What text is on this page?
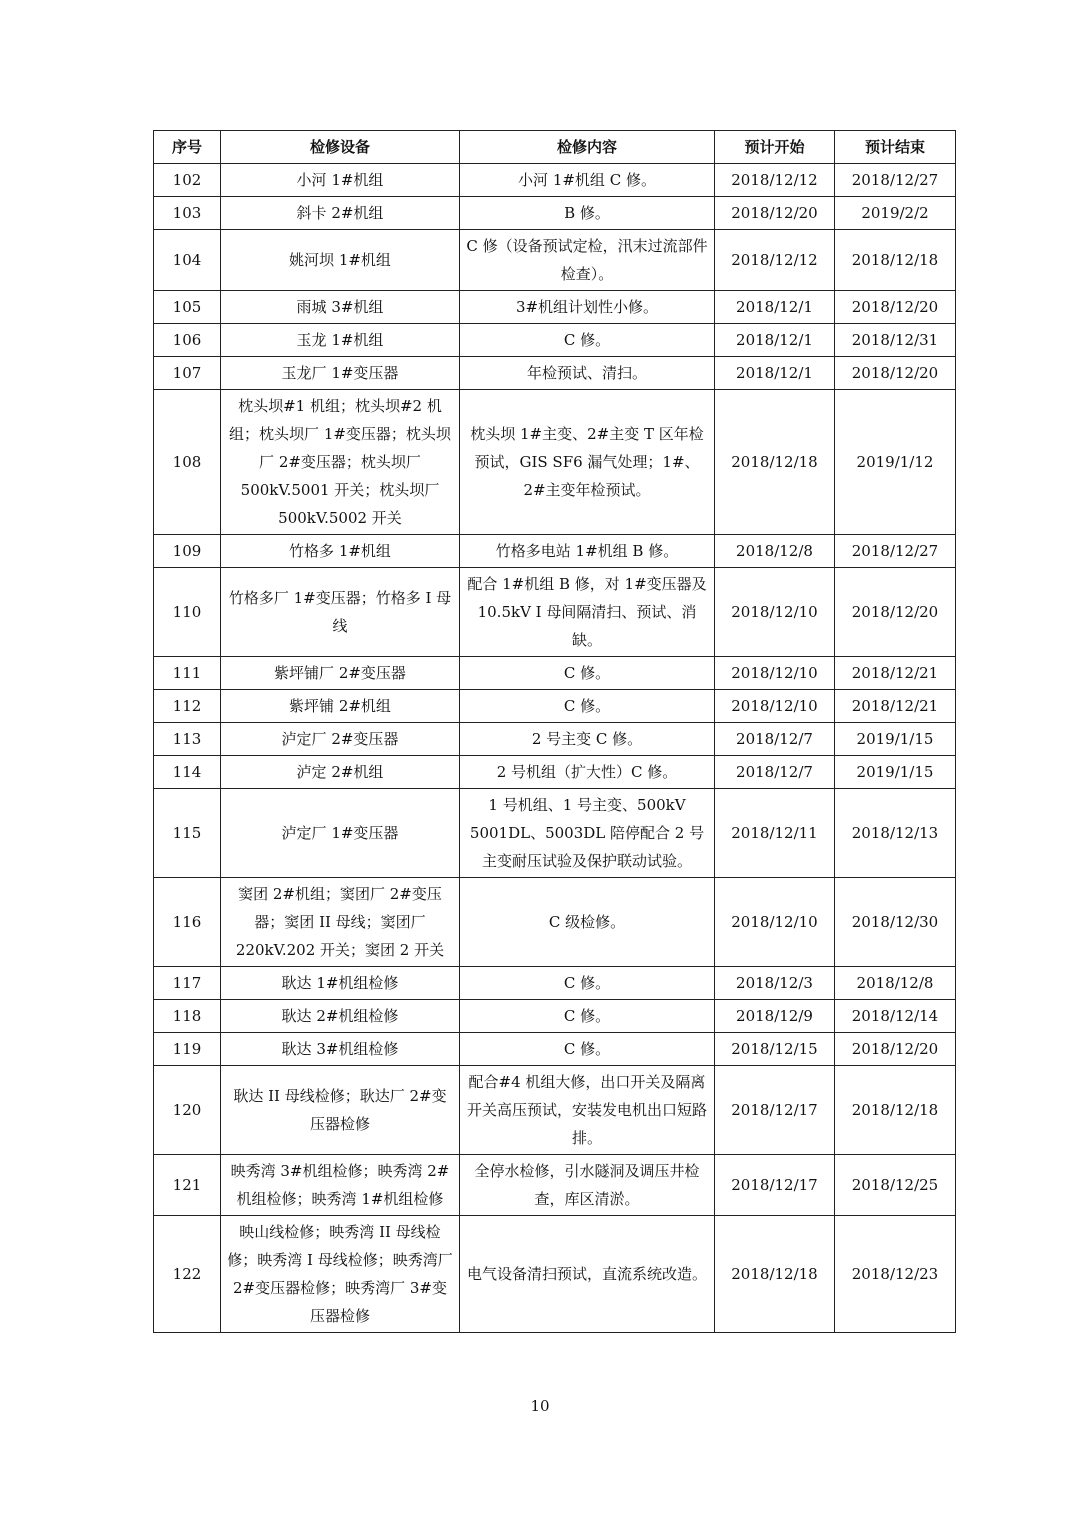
序号	检修设备	检修内容	预计开始	预计结束
102	小河 1#机组	小河 1#机组 C 修。	2018/12/12	2018/12/27
103	斜卡 2#机组	B 修。	2018/12/20	2019/2/2
104	姚河坝 1#机组	C 修（设备预试定检，汛末过流部件检查）。	2018/12/12	2018/12/18
105	雨城 3#机组	3#机组计划性小修。	2018/12/1	2018/12/20
106	玉龙 1#机组	C 修。	2018/12/1	2018/12/31
107	玉龙厂 1#变压器	年检预试、清扫。	2018/12/1	2018/12/20
108	枕头坝#1 机组；枕头坝#2 机组；枕头坝厂 1#变压器；枕头坝厂 2#变压器；枕头坝厂 500kV.5001 开关；枕头坝厂 500kV.5002 开关	枕头坝 1#主变、2#主变 T 区年检预试，GIS SF6 漏气处理；1#、2#主变年检预试。	2018/12/18	2019/1/12
109	竹格多 1#机组	竹格多电站 1#机组 B 修。	2018/12/8	2018/12/27
110	竹格多厂 1#变压器；竹格多 I 母线	配合 1#机组 B 修，对 1#变压器及 10.5kV I 母间隔清扫、预试、消缺。	2018/12/10	2018/12/20
111	紫坪铺厂 2#变压器	C 修。	2018/12/10	2018/12/21
112	紫坪铺 2#机组	C 修。	2018/12/10	2018/12/21
113	泸定厂 2#变压器	2 号主变 C 修。	2018/12/7	2019/1/15
114	泸定 2#机组	2 号机组（扩大性）C 修。	2018/12/7	2019/1/15
115	泸定厂 1#变压器	1 号机组、1 号主变、500kV 5001DL、5003DL 陪停配合 2 号主变耐压试验及保护联动试验。	2018/12/11	2018/12/13
116	窦团 2#机组；窦团厂 2#变压器；窦团 II 母线；窦团厂 220kV.202 开关；窦团 2 开关	C 级检修。	2018/12/10	2018/12/30
117	耿达 1#机组检修	C 修。	2018/12/3	2018/12/8
118	耿达 2#机组检修	C 修。	2018/12/9	2018/12/14
119	耿达 3#机组检修	C 修。	2018/12/15	2018/12/20
120	耿达 II 母线检修；耿达厂 2#变压器检修	配合#4 机组大修，出口开关及隔离开关高压预试，安装发电机出口短路排。	2018/12/17	2018/12/18
121	映秀湾 3#机组检修；映秀湾 2#机组检修；映秀湾 1#机组检修	全停水检修，引水隧洞及调压井检查，库区清淤。	2018/12/17	2018/12/25
122	映山线检修；映秀湾 II 母线检修；映秀湾 I 母线检修；映秀湾厂 2#变压器检修；映秀湾厂 3#变压器检修	电气设备清扫预试，直流系统改造。	2018/12/18	2018/12/23
10
